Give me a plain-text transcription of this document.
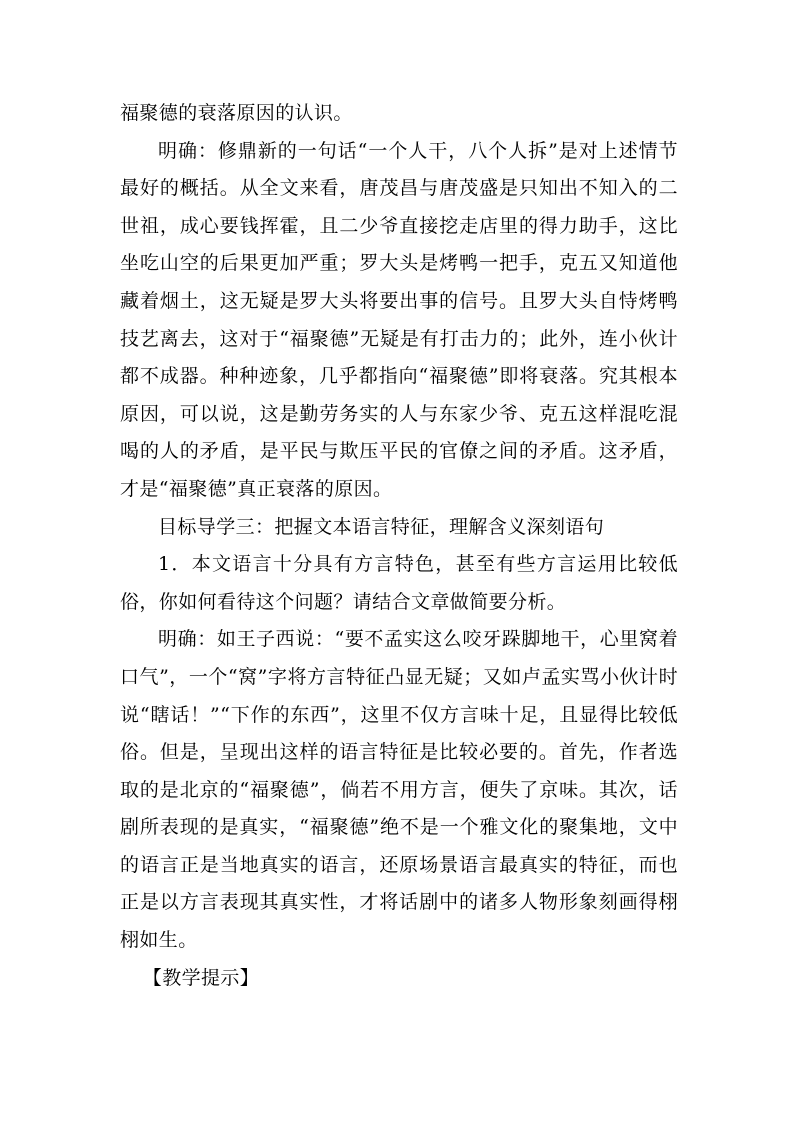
福聚德的衰落原因的认识。

明确：修鼎新的一句话“一个人干，八个人拆”是对上述情节最好的概括。从全文来看，唐茂昌与唐茂盛是只知出不知入的二世祖，成心要钱挥霍，且二少爷直接挖走店里的得力助手，这比坐吃山空的后果更加严重；罗大头是烤鸭一把手，克五又知道他藏着烟土，这无疑是罗大头将要出事的信号。且罗大头自恃烤鸭技艺离去，这对于“福聚德”无疑是有打击力的；此外，连小伙计都不成器。种种迹象，几乎都指向“福聚德”即将衰落。究其根本原因，可以说，这是勤劳务实的人与东家少爷、克五这样混吃混喝的人的矛盾，是平民与欺压平民的官僚之间的矛盾。这矛盾，才是“福聚德”真正衰落的原因。

目标导学三：把握文本语言特征，理解含义深刻语句

1．本文语言十分具有方言特色，甚至有些方言运用比较低俗，你如何看待这个问题？请结合文章做简要分析。

明确：如王子西说：“要不孟实这么咬牙跺脚地干，心里窝着口气”，一个“窝”字将方言特征凸显无疑；又如卢孟实骂小伙计时说“瞎话！”“下作的东西”，这里不仅方言味十足，且显得比较低俗。但是，呈现出这样的语言特征是比较必要的。首先，作者选取的是北京的“福聚德”，倘若不用方言，便失了京味。其次，话剧所表现的是真实，“福聚德”绝不是一个雅文化的聚集地，文中的语言正是当地真实的语言，还原场景语言最真实的特征，而也正是以方言表现其真实性，才将话剧中的诸多人物形象刻画得栩栩如生。

【教学提示】
